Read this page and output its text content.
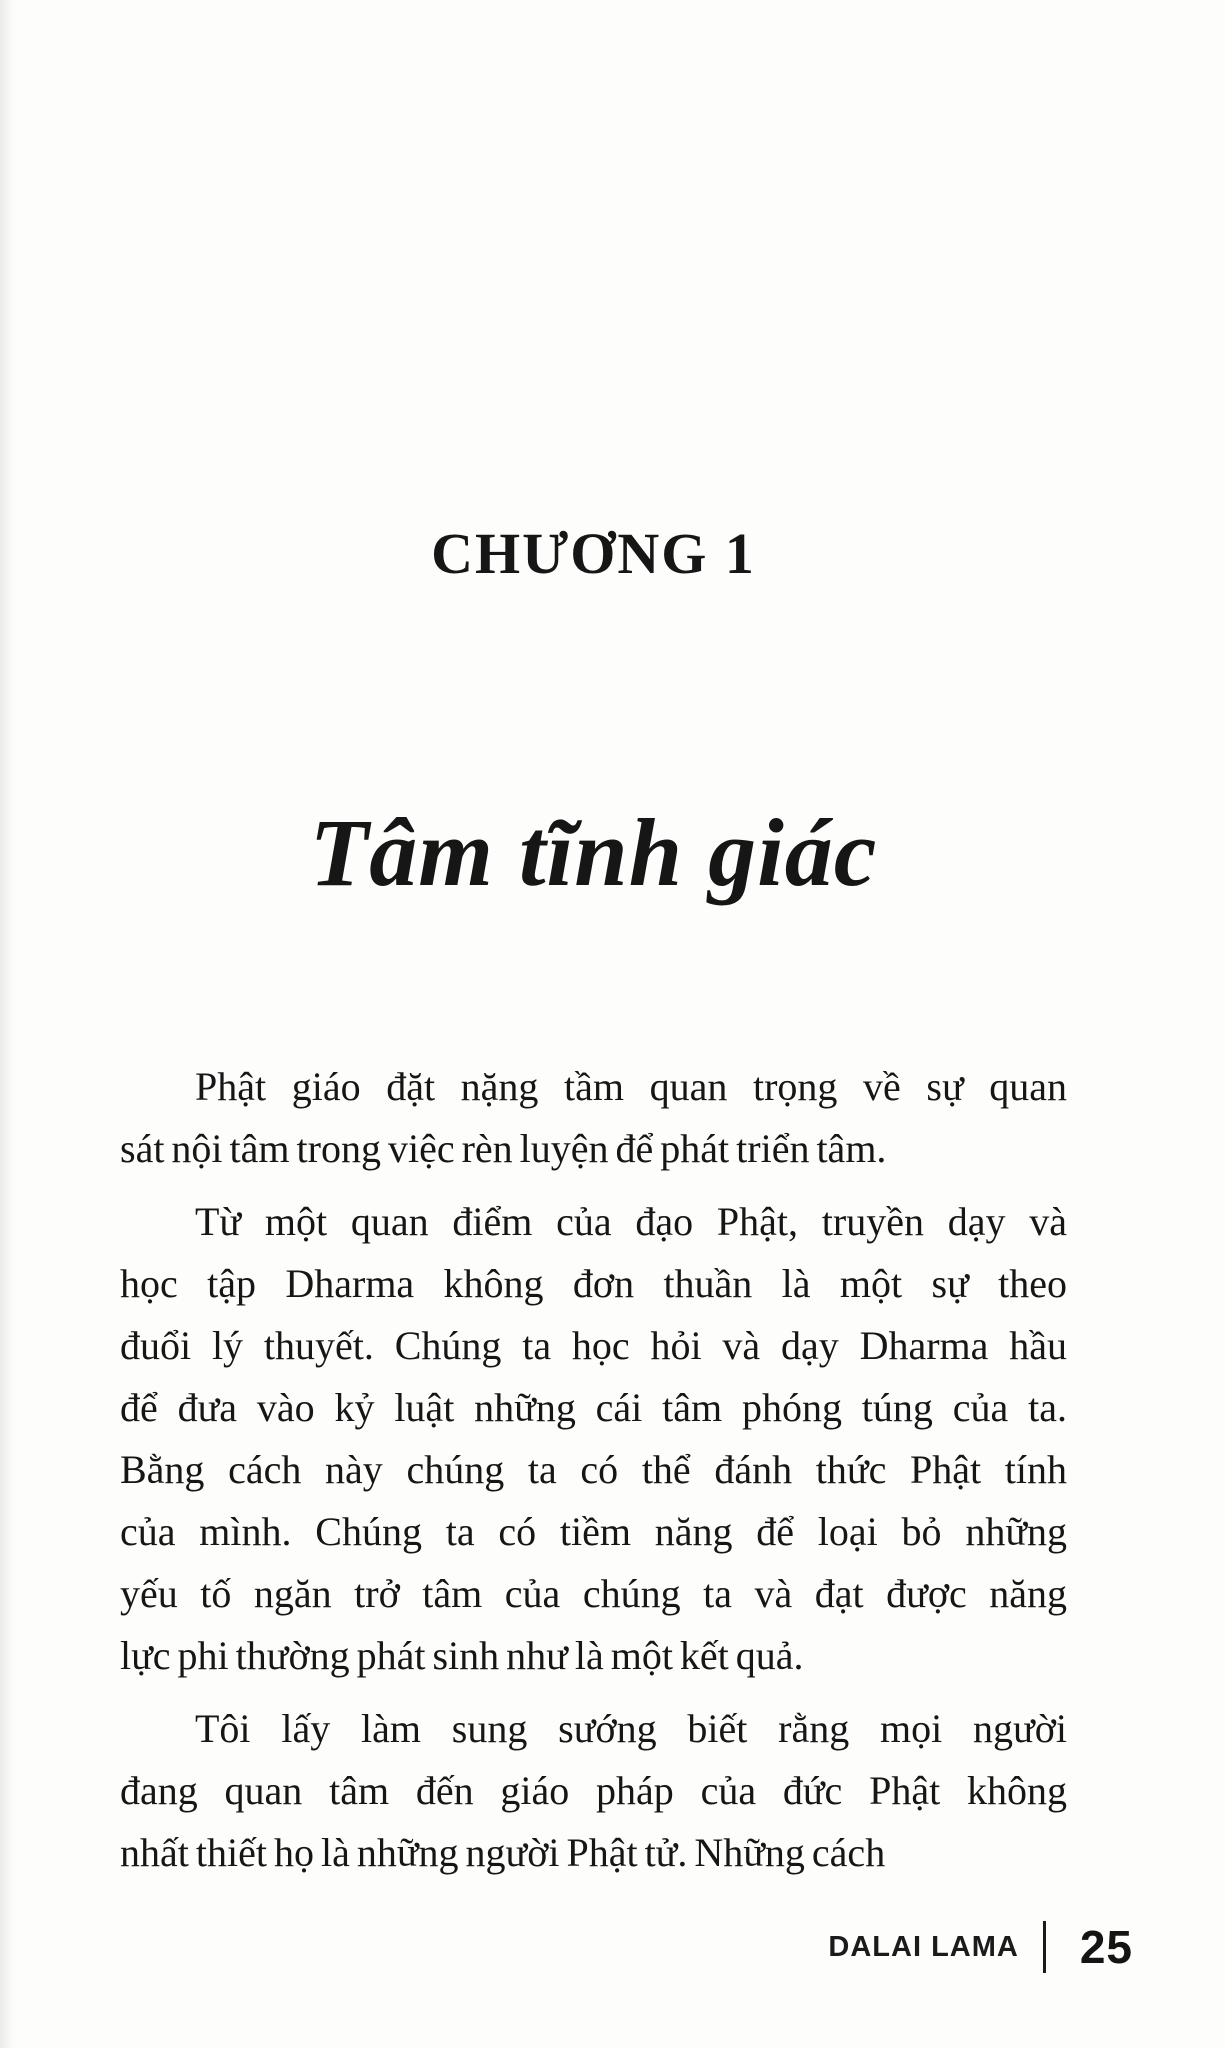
CHƯƠNG 1
Tâm tĩnh giác
Phật giáo đặt nặng tầm quan trọng về sự quan
sát nội tâm trong việc rèn luyện để phát triển tâm.
Từ một quan điểm của đạo Phật, truyền dạy và
học tập Dharma không đơn thuần là một sự theo
đuổi lý thuyết. Chúng ta học hỏi và dạy Dharma hầu
để đưa vào kỷ luật những cái tâm phóng túng của ta.
Bằng cách này chúng ta có thể đánh thức Phật tính
của mình. Chúng ta có tiềm năng để loại bỏ những
yếu tố ngăn trở tâm của chúng ta và đạt được năng
lực phi thường phát sinh như là một kết quả.
Tôi lấy làm sung sướng biết rằng mọi người
đang quan tâm đến giáo pháp của đức Phật không
nhất thiết họ là những người Phật tử. Những cách
DALAI LAMA 25
